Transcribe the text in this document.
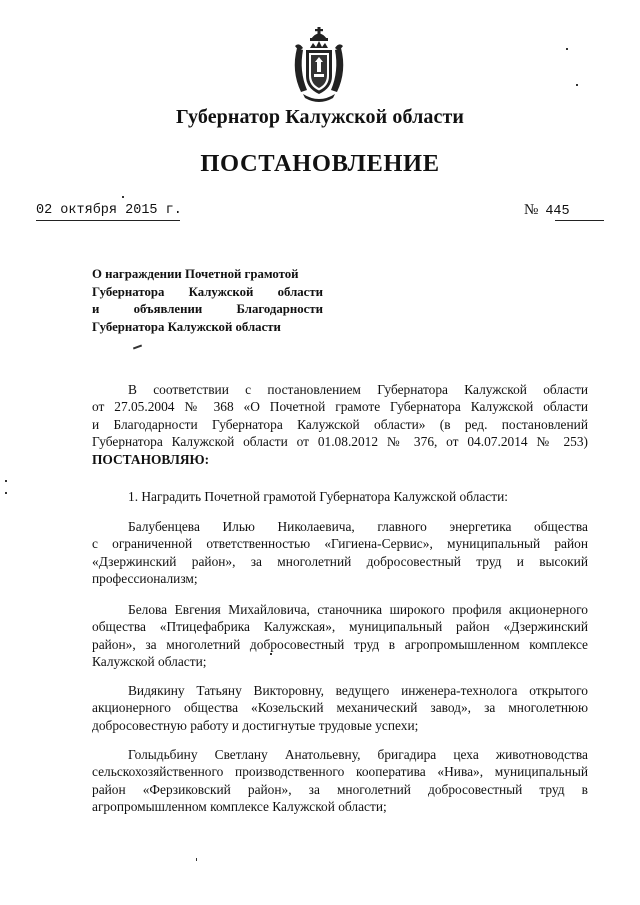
Губернатор Калужской области
ПОСТАНОВЛЕНИЕ
02 октября 2015 г.	№ 445
О награждении Почетной грамотой
Губернатора Калужской области
и объявлении Благодарности
Губернатора Калужской области
В соответствии с постановлением Губернатора Калужской области
от 27.05.2004 № 368 «О Почетной грамоте Губернатора Калужской области
и Благодарности Губернатора Калужской области» (в ред. постановлений
Губернатора Калужской области от 01.08.2012 № 376, от 04.07.2014 № 253)
ПОСТАНОВЛЯЮ:
1. Наградить Почетной грамотой Губернатора Калужской области:
Балубенцева Илью Николаевича, главного энергетика общества
с ограниченной ответственностью «Гигиена-Сервис», муниципальный район
«Дзержинский район», за многолетний добросовестный труд и высокий
профессионализм;
Белова Евгения Михайловича, станочника широкого профиля акционерного
общества «Птицефабрика Калужская», муниципальный район «Дзержинский
район», за многолетний добросовестный труд в агропромышленном комплексе
Калужской области;
Видякину Татьяну Викторовну, ведущего инженера-технолога открытого
акционерного общества «Козельский механический завод», за многолетнюю
добросовестную работу и достигнутые трудовые успехи;
Голыдьбину Светлану Анатольевну, бригадира цеха животноводства
сельскохозяйственного производственного кооператива «Нива», муниципальный
район «Ферзиковский район», за многолетний добросовестный труд в
агропромышленном комплексе Калужской области;
